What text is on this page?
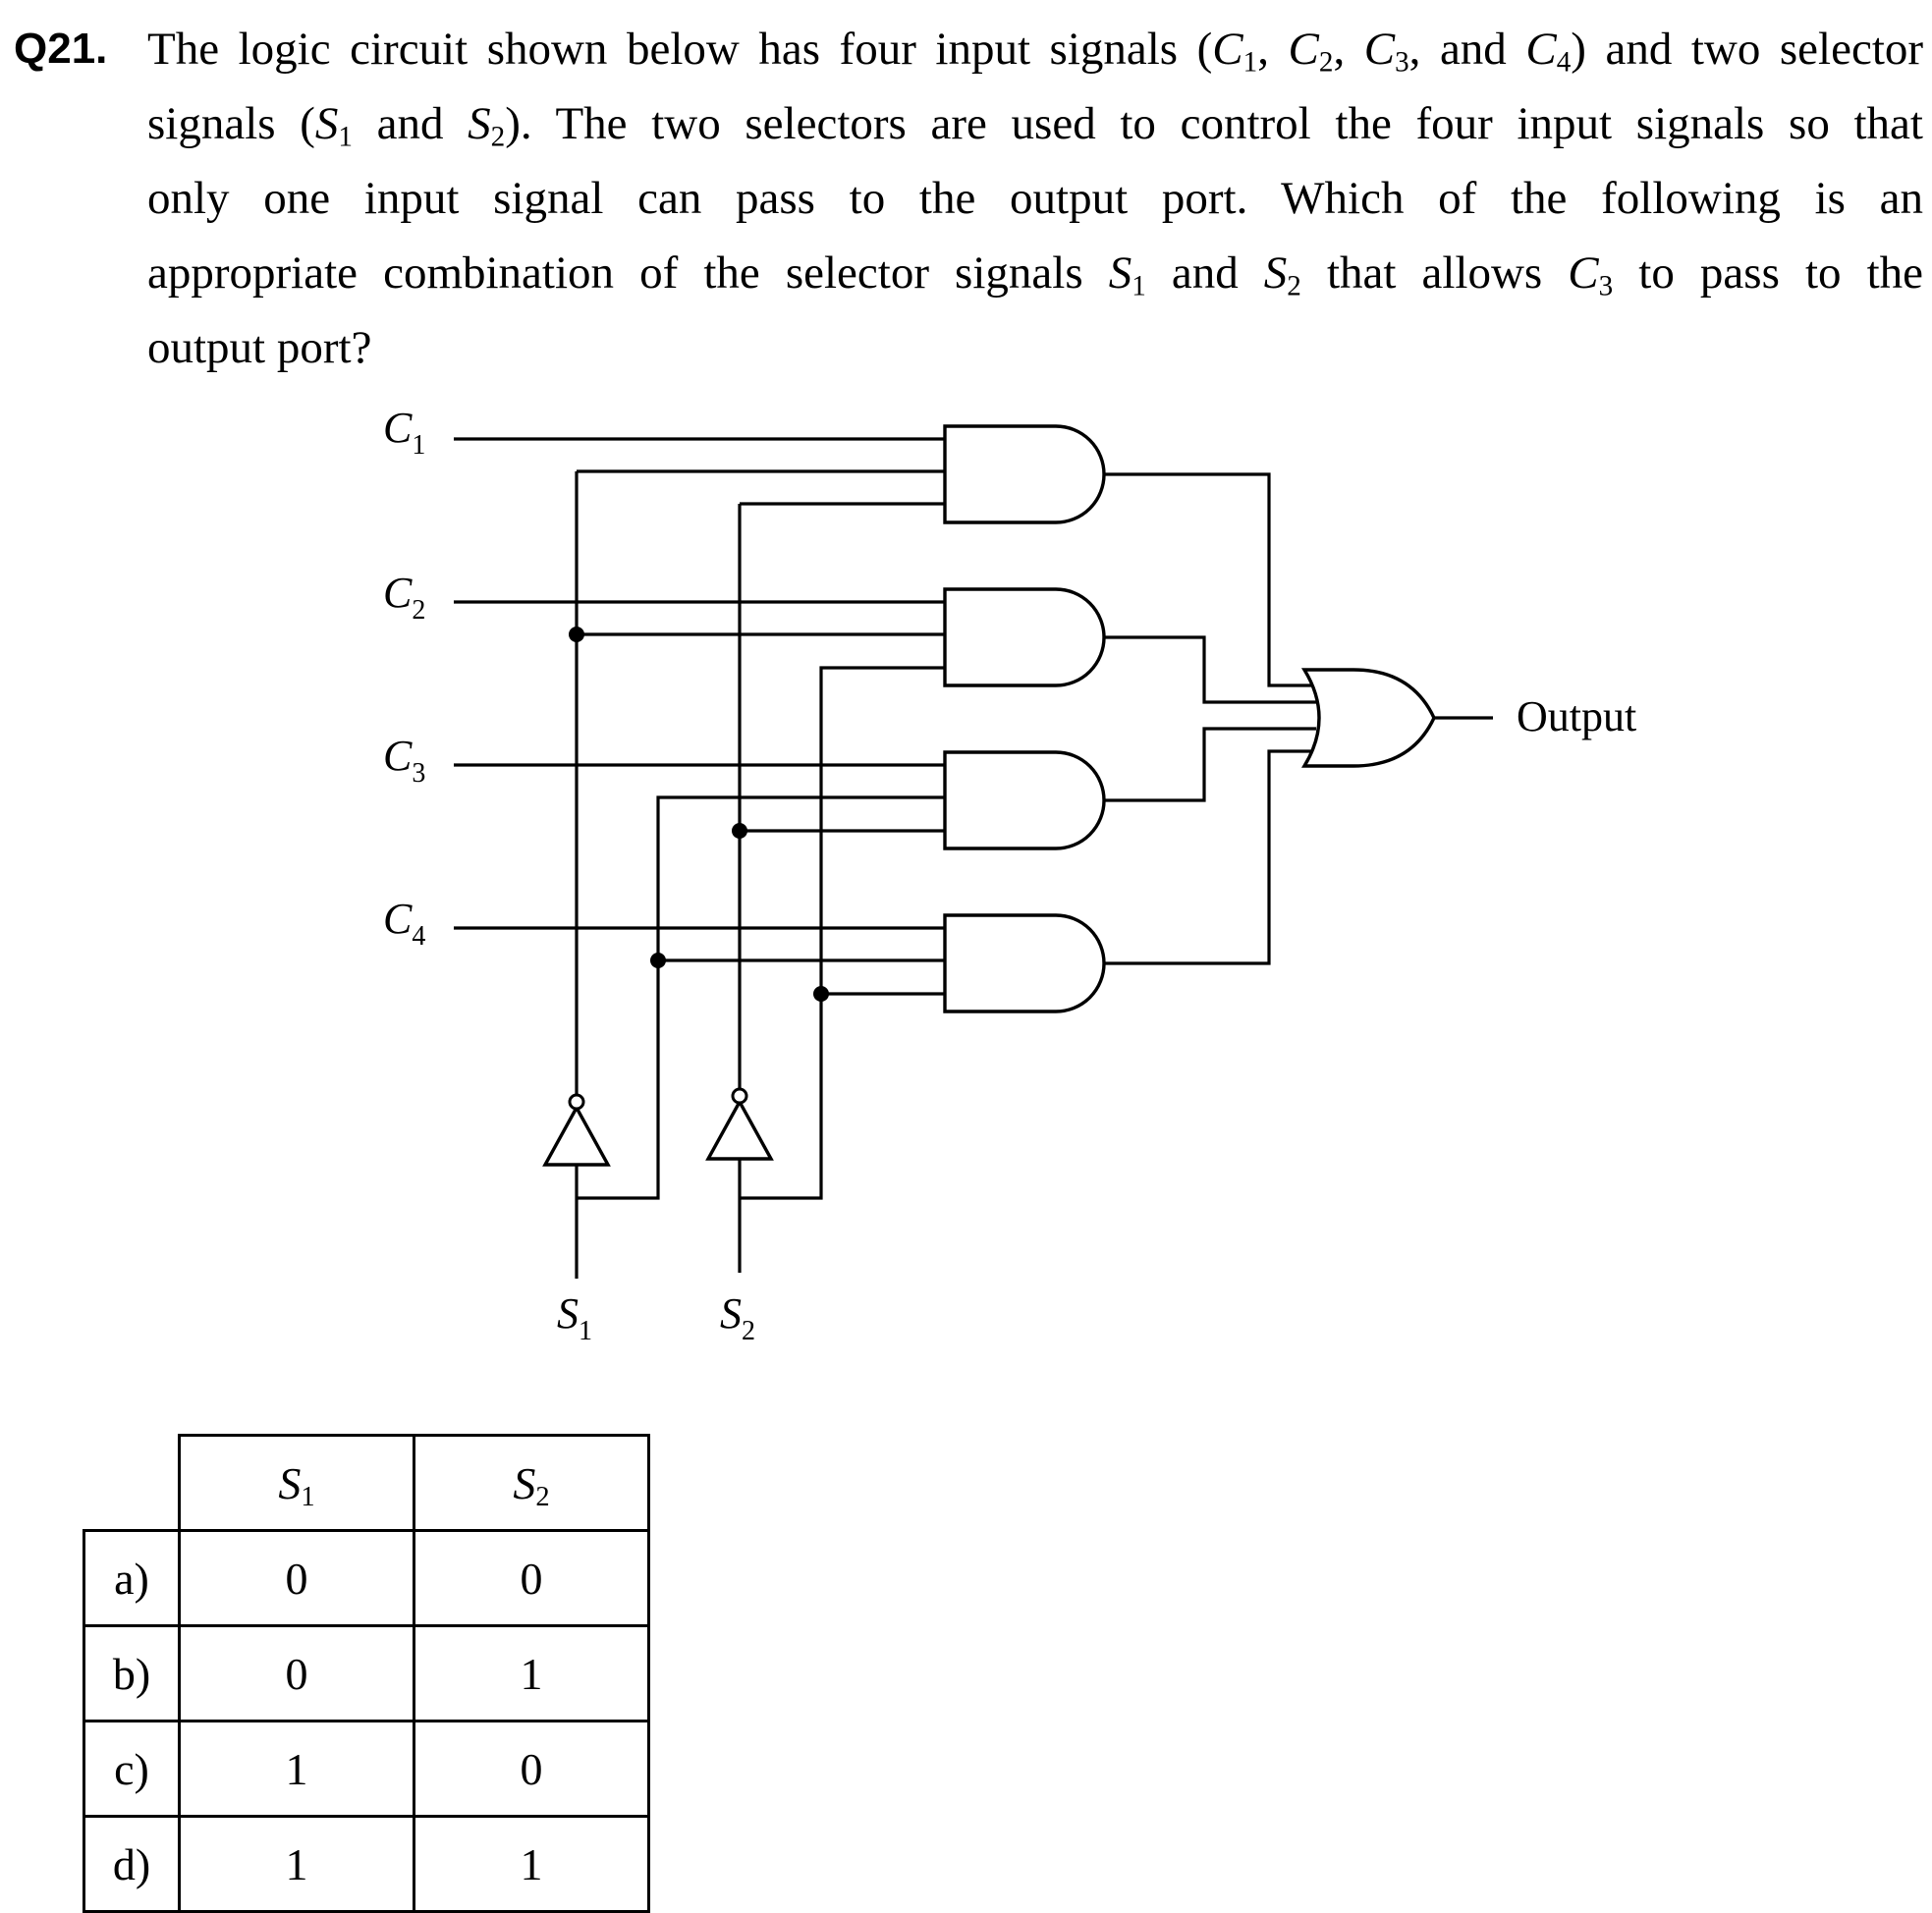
Q21. The logic circuit shown below has four input signals ($C_1$, $C_2$, $C_3$, and $C_4$) and two selector
signals ($S_1$ and $S_2$). The two selectors are used to control the four input signals so that
only one input signal can pass to the output port. Which of the following is an
appropriate combination of the selector signals $S_1$ and $S_2$ that allows $C_3$ to pass to the
output port?
$C_1$
$C_2$
$C_3$
$C_4$
Output
$S_1$	$S_2$
	$S_1$	$S_2$
a)	0	0
b)	0	1
c)	1	0
d)	1	1
